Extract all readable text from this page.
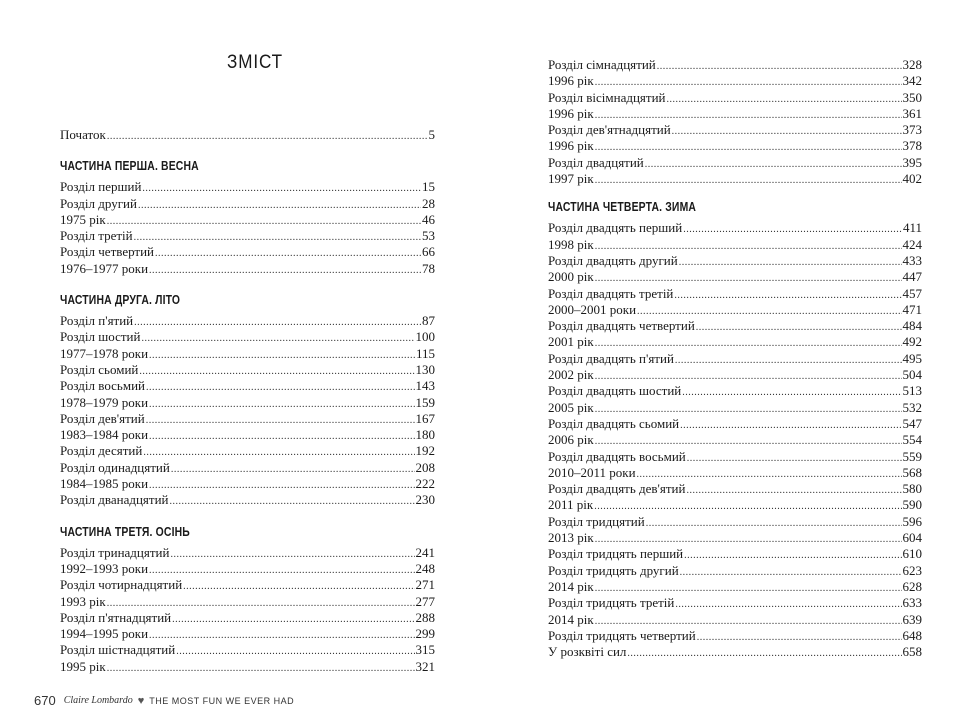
ЗМІСТ
Початок .....	5
ЧАСТИНА ПЕРША. ВЕСНА
Розділ перший .....	15
Розділ другий .....	28
1975 рік .....	46
Розділ третій .....	53
Розділ четвертий .....	66
1976–1977 роки .....	78
ЧАСТИНА ДРУГА. ЛІТО
Розділ п'ятий .....	87
Розділ шостий .....	100
1977–1978 роки .....	115
Розділ сьомий .....	130
Розділ восьмий .....	143
1978–1979 роки .....	159
Розділ дев'ятий .....	167
1983–1984 роки .....	180
Розділ десятий .....	192
Розділ одинадцятий .....	208
1984–1985 роки .....	222
Розділ дванадцятий .....	230
ЧАСТИНА ТРЕТЯ. ОСІНЬ
Розділ тринадцятий .....	241
1992–1993 роки .....	248
Розділ чотирнадцятий .....	271
1993 рік .....	277
Розділ п'ятнадцятий .....	288
1994–1995 роки .....	299
Розділ шістнадцятий .....	315
1995 рік .....	321
670 Claire Lombardo ♥ THE MOST FUN WE EVER HAD
Розділ сімнадцятий .....	328
1996 рік .....	342
Розділ вісімнадцятий .....	350
1996 рік .....	361
Розділ дев'ятнадцятий .....	373
1996 рік .....	378
Розділ двадцятий .....	395
1997 рік .....	402
ЧАСТИНА ЧЕТВЕРТА. ЗИМА
Розділ двадцять перший .....	411
1998 рік .....	424
Розділ двадцять другий .....	433
2000 рік .....	447
Розділ двадцять третій .....	457
2000–2001 роки .....	471
Розділ двадцять четвертий .....	484
2001 рік .....	492
Розділ двадцять п'ятий .....	495
2002 рік .....	504
Розділ двадцять шостий .....	513
2005 рік .....	532
Розділ двадцять сьомий .....	547
2006 рік .....	554
Розділ двадцять восьмий .....	559
2010–2011 роки .....	568
Розділ двадцять дев'ятий .....	580
2011 рік .....	590
Розділ тридцятий .....	596
2013 рік .....	604
Розділ тридцять перший .....	610
Розділ тридцять другий .....	623
2014 рік .....	628
Розділ тридцять третій .....	633
2014 рік .....	639
Розділ тридцять четвертий .....	648
У розквіті сил .....	658
